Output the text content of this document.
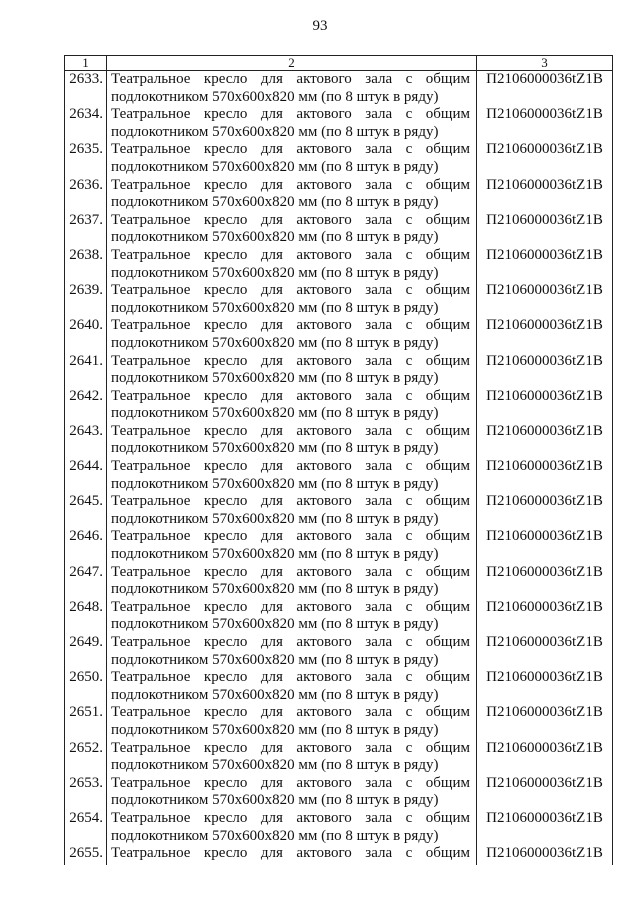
93
1	2	3
2633.	Театральное кресло для актового зала с общим
подлокотником 570x600x820 мм (по 8 штук в ряду)	П2106000036tZ1B
2634.	Театральное кресло для актового зала с общим
подлокотником 570x600x820 мм (по 8 штук в ряду)	П2106000036tZ1B
2635.	Театральное кресло для актового зала с общим
подлокотником 570x600x820 мм (по 8 штук в ряду)	П2106000036tZ1B
2636.	Театральное кресло для актового зала с общим
подлокотником 570x600x820 мм (по 8 штук в ряду)	П2106000036tZ1B
2637.	Театральное кресло для актового зала с общим
подлокотником 570x600x820 мм (по 8 штук в ряду)	П2106000036tZ1B
2638.	Театральное кресло для актового зала с общим
подлокотником 570x600x820 мм (по 8 штук в ряду)	П2106000036tZ1B
2639.	Театральное кресло для актового зала с общим
подлокотником 570x600x820 мм (по 8 штук в ряду)	П2106000036tZ1B
2640.	Театральное кресло для актового зала с общим
подлокотником 570x600x820 мм (по 8 штук в ряду)	П2106000036tZ1B
2641.	Театральное кресло для актового зала с общим
подлокотником 570x600x820 мм (по 8 штук в ряду)	П2106000036tZ1B
2642.	Театральное кресло для актового зала с общим
подлокотником 570x600x820 мм (по 8 штук в ряду)	П2106000036tZ1B
2643.	Театральное кресло для актового зала с общим
подлокотником 570x600x820 мм (по 8 штук в ряду)	П2106000036tZ1B
2644.	Театральное кресло для актового зала с общим
подлокотником 570x600x820 мм (по 8 штук в ряду)	П2106000036tZ1B
2645.	Театральное кресло для актового зала с общим
подлокотником 570x600x820 мм (по 8 штук в ряду)	П2106000036tZ1B
2646.	Театральное кресло для актового зала с общим
подлокотником 570x600x820 мм (по 8 штук в ряду)	П2106000036tZ1B
2647.	Театральное кресло для актового зала с общим
подлокотником 570x600x820 мм (по 8 штук в ряду)	П2106000036tZ1B
2648.	Театральное кресло для актового зала с общим
подлокотником 570x600x820 мм (по 8 штук в ряду)	П2106000036tZ1B
2649.	Театральное кресло для актового зала с общим
подлокотником 570x600x820 мм (по 8 штук в ряду)	П2106000036tZ1B
2650.	Театральное кресло для актового зала с общим
подлокотником 570x600x820 мм (по 8 штук в ряду)	П2106000036tZ1B
2651.	Театральное кресло для актового зала с общим
подлокотником 570x600x820 мм (по 8 штук в ряду)	П2106000036tZ1B
2652.	Театральное кресло для актового зала с общим
подлокотником 570x600x820 мм (по 8 штук в ряду)	П2106000036tZ1B
2653.	Театральное кресло для актового зала с общим
подлокотником 570x600x820 мм (по 8 штук в ряду)	П2106000036tZ1B
2654.	Театральное кресло для актового зала с общим
подлокотником 570x600x820 мм (по 8 штук в ряду)	П2106000036tZ1B
2655.	Театральное кресло для актового зала с общим	П2106000036tZ1B
